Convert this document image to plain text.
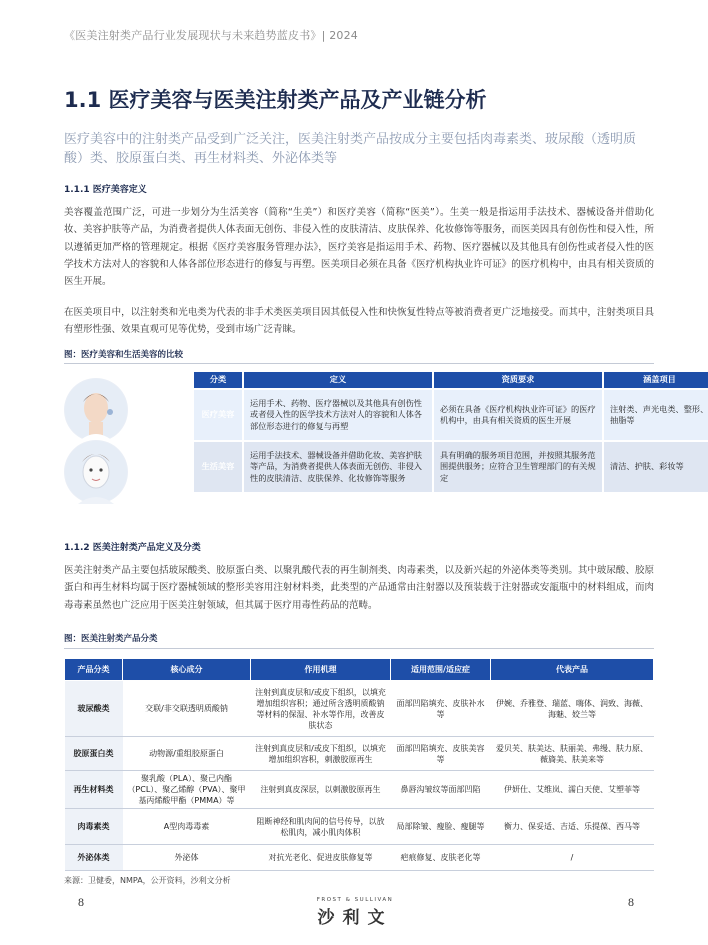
《医美注射类产品行业发展现状与未来趋势蓝皮书》| 2024
1.1 医疗美容与医美注射类产品及产业链分析
医疗美容中的注射类产品受到广泛关注，医美注射类产品按成分主要包括肉毒素类、玻尿酸（透明质酸）类、胶原蛋白类、再生材料类、外泌体类等
1.1.1 医疗美容定义
美容覆盖范围广泛，可进一步划分为生活美容（简称“生美”）和医疗美容（简称“医美”）。生美一般是指运用手法技术、器械设备并借助化妆、美容护肤等产品，为消费者提供人体表面无创伤、非侵入性的皮肤清洁、皮肤保养、化妆修饰等服务，而医美因具有创伤性和侵入性，所以遵循更加严格的管理规定。根据《医疗美容服务管理办法》，医疗美容是指运用手术、药物、医疗器械以及其他具有创伤性或者侵入性的医学技术方法对人的容貌和人体各部位形态进行的修复与再塑。医美项目必须在具备《医疗机构执业许可证》的医疗机构中，由具有相关资质的医生开展。
在医美项目中，以注射类和光电类为代表的非手术类医美项目因其低侵入性和快恢复性特点等被消费者更广泛地接受。而其中，注射类项目具有塑形性强、效果直观可见等优势，受到市场广泛青睐。
图：医疗美容和生活美容的比较
分类	定义	资质要求	涵盖项目
医疗美容	运用手术、药物、医疗器械以及其他具有创伤性或者侵入性的医学技术方法对人的容貌和人体各部位形态进行的修复与再塑	必须在具备《医疗机构执业许可证》的医疗机构中，由具有相关资质的医生开展	注射类、声光电类、整形、抽脂等
生活美容	运用手法技术、器械设备并借助化妆、美容护肤等产品，为消费者提供人体表面无创伤、非侵入性的皮肤清洁、皮肤保养、化妆修饰等服务	具有明确的服务项目范围，并按照其服务范围提供服务；应符合卫生管理部门的有关规定	清洁、护肤、彩妆等
1.1.2 医美注射类产品定义及分类
医美注射类产品主要包括玻尿酸类、胶原蛋白类、以聚乳酸代表的再生制剂类、肉毒素类，以及新兴起的外泌体类等类别。其中玻尿酸、胶原蛋白和再生材料均属于医疗器械领域的整形美容用注射材料类，此类型的产品通常由注射器以及预装载于注射器或安瓿瓶中的材料组成，而肉毒毒素虽然也广泛应用于医美注射领域，但其属于医疗用毒性药品的范畴。
图：医美注射类产品分类
产品分类	核心成分	作用机理	适用范围/适应症	代表产品
玻尿酸类	交联/非交联透明质酸钠	注射到真皮层和/或皮下组织，以填充增加组织容积；通过所含透明质酸钠等材料的保湿、补水等作用，改善皮肤状态	面部凹陷填充、皮肤补水等	伊婉、乔雅登、瑞蓝、嗨体、润致、海薇、海魅、姣兰等
胶原蛋白类	动物源/重组胶原蛋白	注射到真皮层和/或皮下组织，以填充增加组织容积，刺激胶原再生	面部凹陷填充、皮肤美容等	爱贝芙、肤美达、肤丽美、弗缦、肤力原、薇旖美、肤美来等
再生材料类	聚乳酸（PLA）、聚己内酯（PCL）、聚乙烯醇（PVA）、聚甲基丙烯酸甲酯（PMMA）等	注射到真皮深层，以刺激胶原再生	鼻唇沟皱纹等面部凹陷	伊妍仕、艾维岚、濡白天使、艾塑菲等
肉毒素类	A型肉毒毒素	阻断神经和肌肉间的信号传导，以放松肌肉，减小肌肉体积	局部除皱、瘦脸、瘦腿等	衡力、保妥适、吉适、乐提葆、西马等
外泌体类	外泌体	对抗光老化、促进皮肤修复等	疤痕修复、皮肤老化等	/
来源：卫健委，NMPA，公开资料，沙利文分析
8	FROST & SULLIVAN
沙利文
8
